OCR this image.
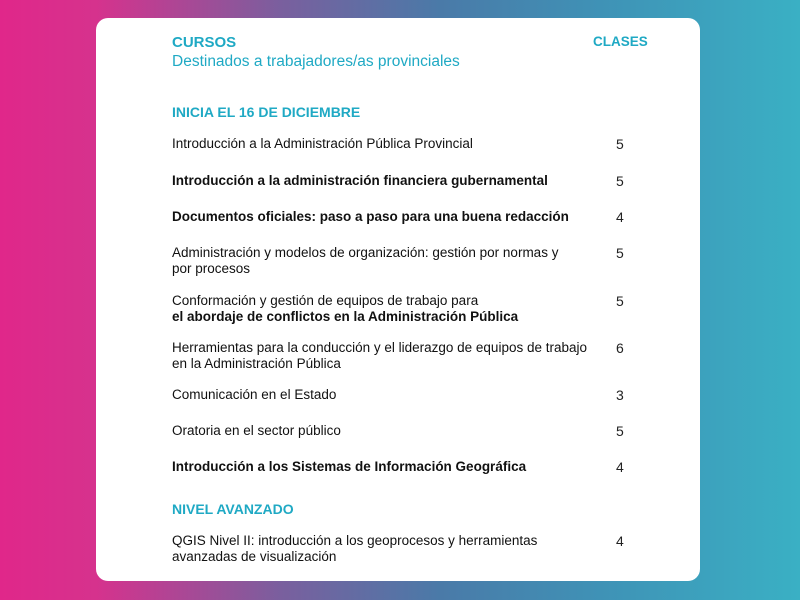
CURSOS
Destinados a trabajadores/as provinciales
CLASES
INICIA EL 16 DE DICIEMBRE
Introducción a la Administración Pública Provincial	5
Introducción a la administración financiera gubernamental	5
Documentos oficiales: paso a paso para una buena redacción	4
Administración y modelos de organización: gestión por normas y
por procesos
5
Conformación y gestión de equipos de trabajo para
el abordaje de conflictos en la Administración Pública
5
Herramientas para la conducción y el liderazgo de equipos de trabajo
en la Administración Pública
6
Comunicación en el Estado	3
Oratoria en el sector público	5
Introducción a los Sistemas de Información Geográfica	4
NIVEL AVANZADO
QGIS Nivel II: introducción a los geoprocesos y herramientas
avanzadas de visualización
4
